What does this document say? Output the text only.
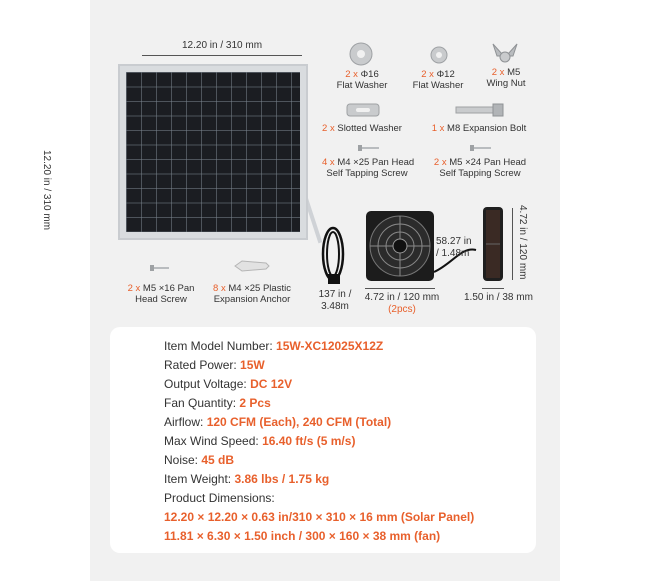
12.20 in / 310 mm
12.20 in / 310 mm
2 x Φ16
Flat Washer
2 x Φ12
Flat Washer
2 x M5
Wing Nut
2 x Slotted Washer	1 x M8 Expansion Bolt
4 x M4 ×25 Pan Head
Self Tapping Screw
2 x M5 ×24 Pan Head
Self Tapping Screw
2 x M5 ×16 Pan
Head Screw
8 x M4 ×25 Plastic
Expansion Anchor	137 in /
3.48m
58.27 in
/ 1.48m
4.72 in / 120 mm
(2pcs)
4.72 in / 120 mm
1.50 in / 38 mm
Item Model Number: 15W-XC12025X12Z
Rated Power: 15W
Output Voltage: DC 12V
Fan Quantity: 2 Pcs
Airflow: 120 CFM (Each), 240 CFM (Total)
Max Wind Speed: 16.40 ft/s (5 m/s)
Noise: 45 dB
Item Weight: 3.86 lbs / 1.75 kg
Product Dimensions:
12.20 × 12.20 × 0.63 in/310 × 310 × 16 mm (Solar Panel)
11.81 × 6.30 × 1.50 inch / 300 × 160 × 38 mm (fan)
